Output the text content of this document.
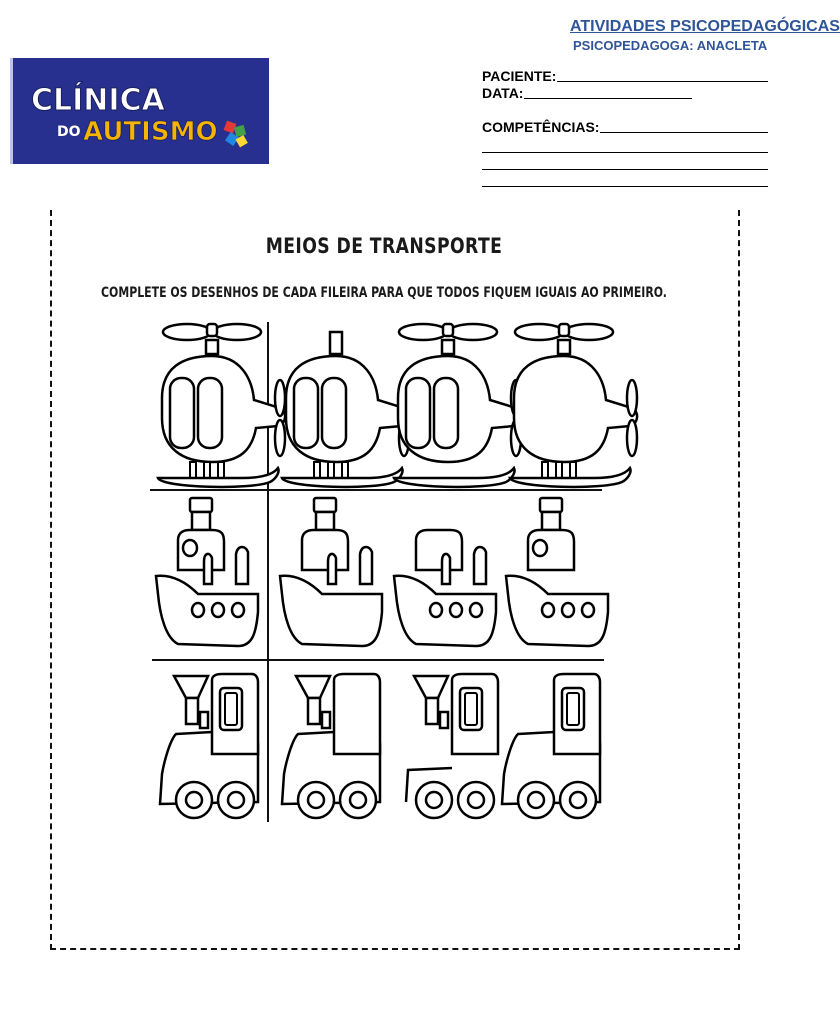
ATIVIDADES PSICOPEDAGÓGICAS
PSICOPEDAGOGA: ANACLETA
CLÍNICA
DO AUTISMO
PACIENTE:
DATA:
COMPETÊNCIAS:
MEIOS DE TRANSPORTE
COMPLETE OS DESENHOS DE CADA FILEIRA PARA QUE TODOS FIQUEM IGUAIS AO PRIMEIRO.
